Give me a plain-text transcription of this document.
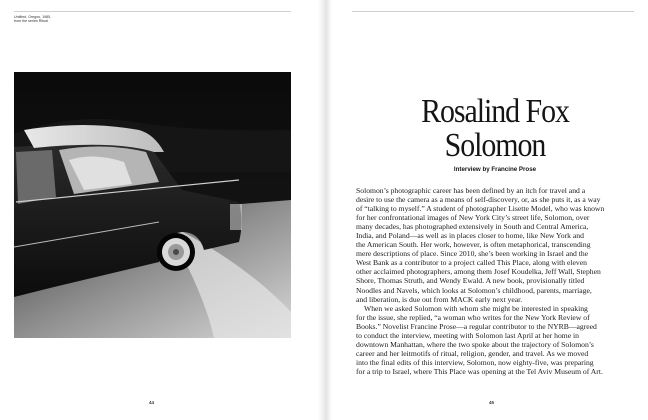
Untitled, Oregon, 1985,
from the series Ritual
44	45
Rosalind Fox
Solomon
Interview by Francine Prose
Solomon’s photographic career has been defined by an itch for travel and a
desire to use the camera as a means of self-discovery, or, as she puts it, as a way
of “talking to myself.” A student of photographer Lisette Model, who was known
for her confrontational images of New York City’s street life, Solomon, over
many decades, has photographed extensively in South and Central America,
India, and Poland—as well as in places closer to home, like New York and
the American South. Her work, however, is often metaphorical, transcending
mere descriptions of place. Since 2010, she’s been working in Israel and the
West Bank as a contributor to a project called This Place, along with eleven
other acclaimed photographers, among them Josef Koudelka, Jeff Wall, Stephen
Shore, Thomas Struth, and Wendy Ewald. A new book, provisionally titled
Noodles and Navels, which looks at Solomon’s childhood, parents, marriage,
and liberation, is due out from MACK early next year.
When we asked Solomon with whom she might be interested in speaking
for the issue, she replied, “a woman who writes for the New York Review of
Books.” Novelist Francine Prose—a regular contributor to the NYRB—agreed
to conduct the interview, meeting with Solomon last April at her home in
downtown Manhattan, where the two spoke about the trajectory of Solomon’s
career and her leitmotifs of ritual, religion, gender, and travel. As we moved
into the final edits of this interview, Solomon, now eighty-five, was preparing
for a trip to Israel, where This Place was opening at the Tel Aviv Museum of Art.
